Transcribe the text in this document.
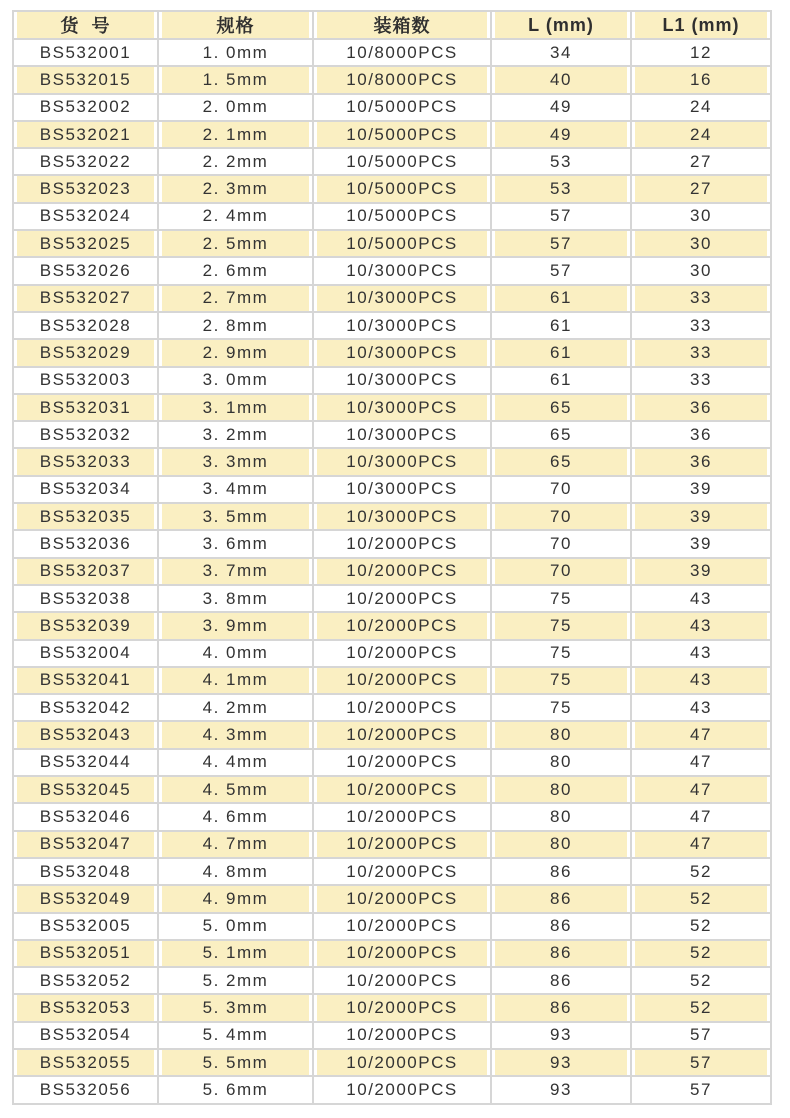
货  号	规格	装箱数	L (mm)	L1 (mm)
BS532001	1. 0mm	10/8000PCS	34	12
BS532015	1. 5mm	10/8000PCS	40	16
BS532002	2. 0mm	10/5000PCS	49	24
BS532021	2. 1mm	10/5000PCS	49	24
BS532022	2. 2mm	10/5000PCS	53	27
BS532023	2. 3mm	10/5000PCS	53	27
BS532024	2. 4mm	10/5000PCS	57	30
BS532025	2. 5mm	10/5000PCS	57	30
BS532026	2. 6mm	10/3000PCS	57	30
BS532027	2. 7mm	10/3000PCS	61	33
BS532028	2. 8mm	10/3000PCS	61	33
BS532029	2. 9mm	10/3000PCS	61	33
BS532003	3. 0mm	10/3000PCS	61	33
BS532031	3. 1mm	10/3000PCS	65	36
BS532032	3. 2mm	10/3000PCS	65	36
BS532033	3. 3mm	10/3000PCS	65	36
BS532034	3. 4mm	10/3000PCS	70	39
BS532035	3. 5mm	10/3000PCS	70	39
BS532036	3. 6mm	10/2000PCS	70	39
BS532037	3. 7mm	10/2000PCS	70	39
BS532038	3. 8mm	10/2000PCS	75	43
BS532039	3. 9mm	10/2000PCS	75	43
BS532004	4. 0mm	10/2000PCS	75	43
BS532041	4. 1mm	10/2000PCS	75	43
BS532042	4. 2mm	10/2000PCS	75	43
BS532043	4. 3mm	10/2000PCS	80	47
BS532044	4. 4mm	10/2000PCS	80	47
BS532045	4. 5mm	10/2000PCS	80	47
BS532046	4. 6mm	10/2000PCS	80	47
BS532047	4. 7mm	10/2000PCS	80	47
BS532048	4. 8mm	10/2000PCS	86	52
BS532049	4. 9mm	10/2000PCS	86	52
BS532005	5. 0mm	10/2000PCS	86	52
BS532051	5. 1mm	10/2000PCS	86	52
BS532052	5. 2mm	10/2000PCS	86	52
BS532053	5. 3mm	10/2000PCS	86	52
BS532054	5. 4mm	10/2000PCS	93	57
BS532055	5. 5mm	10/2000PCS	93	57
BS532056	5. 6mm	10/2000PCS	93	57
